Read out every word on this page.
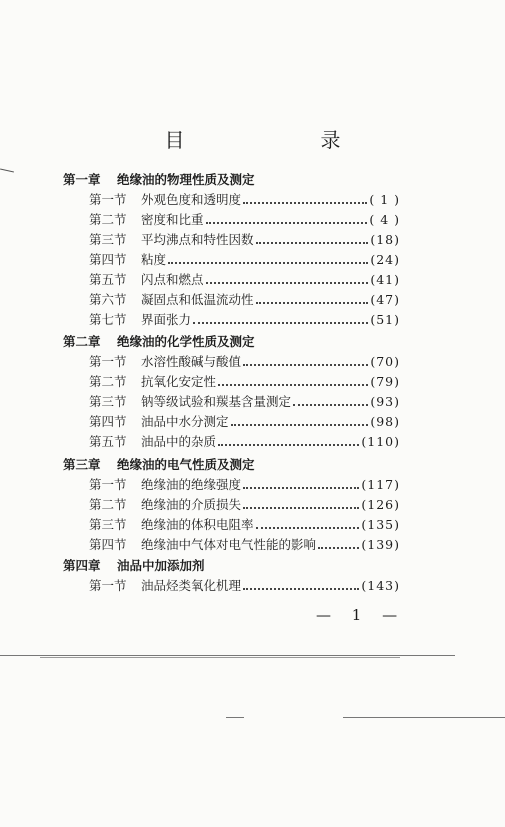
目　录
第一章 绝缘油的物理性质及测定
第一节	外观色度和透明度	( 1 )
第二节	密度和比重	( 4 )
第三节	平均沸点和特性因数	(18)
第四节	粘度	(24)
第五节	闪点和燃点	(41)
第六节	凝固点和低温流动性	(47)
第七节	界面张力	(51)
第二章 绝缘油的化学性质及测定
第一节	水溶性酸碱与酸值	(70)
第二节	抗氧化安定性	(79)
第三节	钠等级试验和羰基含量测定	(93)
第四节	油品中水分测定	(98)
第五节	油品中的杂质	(110)
第三章 绝缘油的电气性质及测定
第一节	绝缘油的绝缘强度	(117)
第二节	绝缘油的介质损失	(126)
第三节	绝缘油的体积电阻率	(135)
第四节	绝缘油中气体对电气性能的影响	(139)
第四章 油品中加添加剂
第一节	油品烃类氧化机理	(143)
— 1 —
